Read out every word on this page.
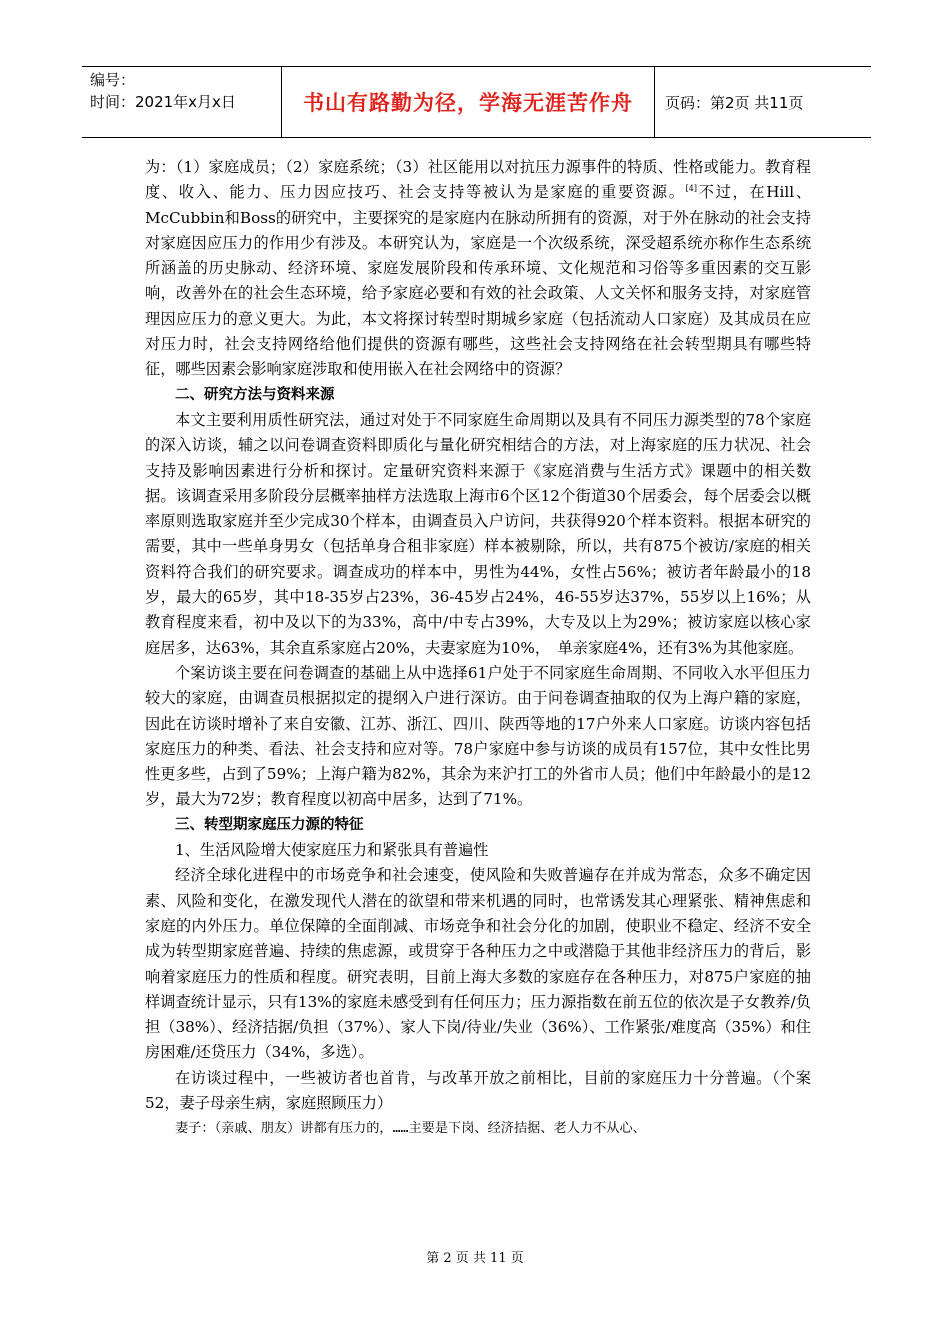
编号：
时间：2021年x月x日	书山有路勤为径，学海无涯苦作舟	页码：第2页 共11页

为：（1）家庭成员；（2）家庭系统；（3）社区能用以对抗压力源事件的特质、性格或能力。教育程度、收入、能力、压力因应技巧、社会支持等被认为是家庭的重要资源。[4]不过，在Hill、McCubbin和Boss的研究中，主要探究的是家庭内在脉动所拥有的资源，对于外在脉动的社会支持对家庭因应压力的作用少有涉及。本研究认为，家庭是一个次级系统，深受超系统亦称作生态系统所涵盖的历史脉动、经济环境、家庭发展阶段和传承环境、文化规范和习俗等多重因素的交互影响，改善外在的社会生态环境，给予家庭必要和有效的社会政策、人文关怀和服务支持，对家庭管理因应压力的意义更大。为此，本文将探讨转型时期城乡家庭（包括流动人口家庭）及其成员在应对压力时，社会支持网络给他们提供的资源有哪些，这些社会支持网络在社会转型期具有哪些特征，哪些因素会影响家庭涉取和使用嵌入在社会网络中的资源？

二、研究方法与资料来源

本文主要利用质性研究法，通过对处于不同家庭生命周期以及具有不同压力源类型的78个家庭的深入访谈，辅之以问卷调查资料即质化与量化研究相结合的方法，对上海家庭的压力状况、社会支持及影响因素进行分析和探讨。定量研究资料来源于《家庭消费与生活方式》课题中的相关数据。该调查采用多阶段分层概率抽样方法选取上海市6个区12个街道30个居委会，每个居委会以概率原则选取家庭并至少完成30个样本，由调查员入户访问，共获得920个样本资料。根据本研究的需要，其中一些单身男女（包括单身合租非家庭）样本被剔除，所以，共有875个被访/家庭的相关资料符合我们的研究要求。调查成功的样本中，男性为44%，女性占56%；被访者年龄最小的18岁，最大的65岁，其中18-35岁占23%，36-45岁占24%，46-55岁达37%，55岁以上16%；从教育程度来看，初中及以下的为33%，高中/中专占39%，大专及以上为29%；被访家庭以核心家庭居多，达63%，其余直系家庭占20%，夫妻家庭为10%，　单亲家庭4%，还有3%为其他家庭。

个案访谈主要在问卷调查的基础上从中选择61户处于不同家庭生命周期、不同收入水平但压力较大的家庭，由调查员根据拟定的提纲入户进行深访。由于问卷调查抽取的仅为上海户籍的家庭，因此在访谈时增补了来自安徽、江苏、浙江、四川、陕西等地的17户外来人口家庭。访谈内容包括家庭压力的种类、看法、社会支持和应对等。78户家庭中参与访谈的成员有157位，其中女性比男性更多些，占到了59%；上海户籍为82%，其余为来沪打工的外省市人员；他们中年龄最小的是12岁，最大为72岁；教育程度以初高中居多，达到了71%。

三、转型期家庭压力源的特征

1、生活风险增大使家庭压力和紧张具有普遍性

经济全球化进程中的市场竞争和社会速变，使风险和失败普遍存在并成为常态，众多不确定因素、风险和变化，在激发现代人潜在的欲望和带来机遇的同时，也常诱发其心理紧张、精神焦虑和家庭的内外压力。单位保障的全面削减、市场竞争和社会分化的加剧，使职业不稳定、经济不安全成为转型期家庭普遍、持续的焦虑源，或贯穿于各种压力之中或潜隐于其他非经济压力的背后，影响着家庭压力的性质和程度。研究表明，目前上海大多数的家庭存在各种压力，对875户家庭的抽样调查统计显示，只有13%的家庭未感受到有任何压力；压力源指数在前五位的依次是子女教养/负担（38%）、经济拮据/负担（37%）、家人下岗/待业/失业（36%）、工作紧张/难度高（35%）和住房困难/还贷压力（34%，多选）。

在访谈过程中，一些被访者也首肯，与改革开放之前相比，目前的家庭压力十分普遍。（个案52，妻子母亲生病，家庭照顾压力）

妻子：（亲戚、朋友）讲都有压力的，……主要是下岗、经济拮据、老人力不从心、

第 2 页 共 11 页
